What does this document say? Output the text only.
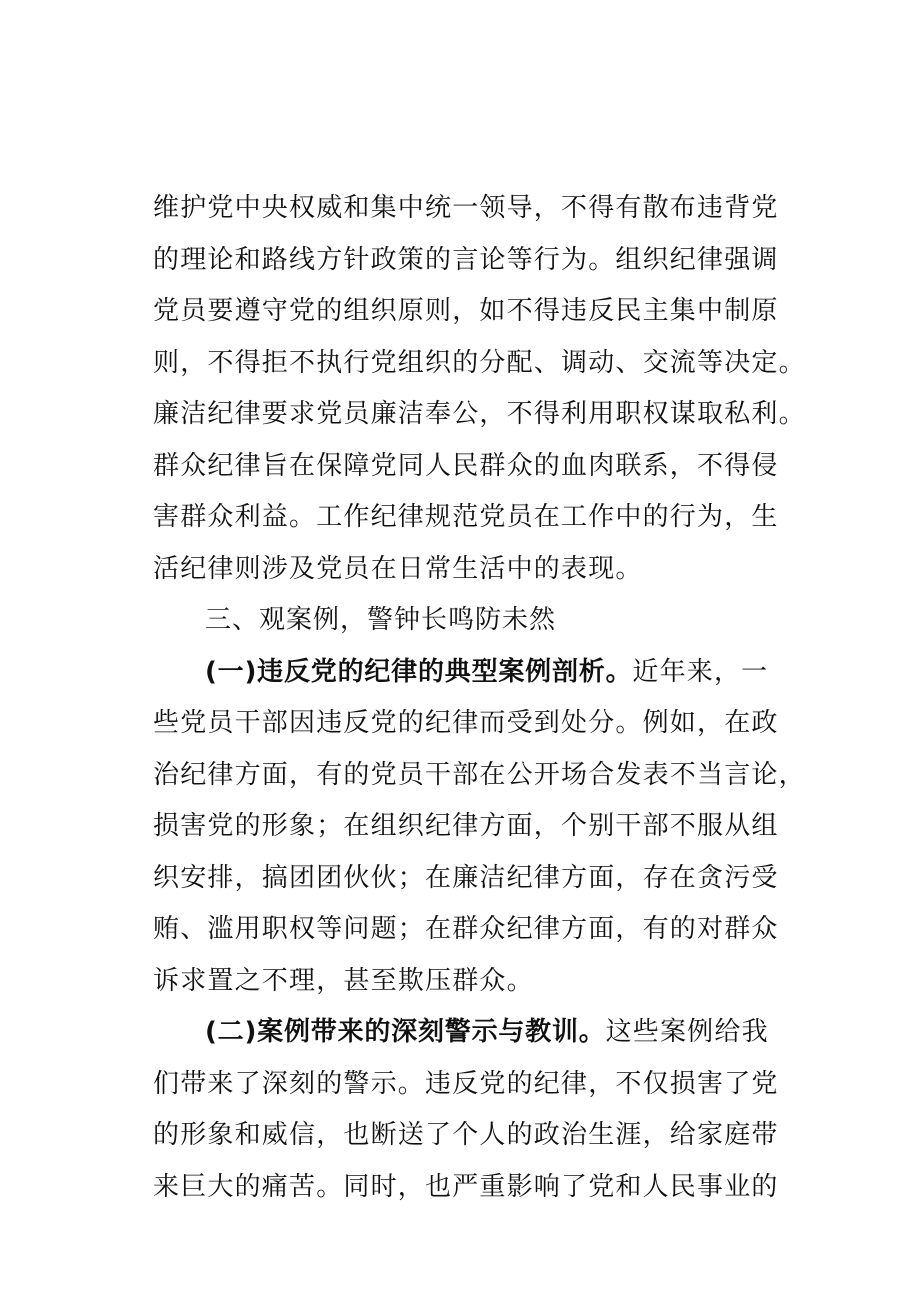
维护党中央权威和集中统一领导，不得有散布违背党
的理论和路线方针政策的言论等行为。组织纪律强调
党员要遵守党的组织原则，如不得违反民主集中制原
则，不得拒不执行党组织的分配、调动、交流等决定。
廉洁纪律要求党员廉洁奉公，不得利用职权谋取私利。
群众纪律旨在保障党同人民群众的血肉联系，不得侵
害群众利益。工作纪律规范党员在工作中的行为，生
活纪律则涉及党员在日常生活中的表现。
三、观案例，警钟长鸣防未然
(一)违反党的纪律的典型案例剖析。近年来，一
些党员干部因违反党的纪律而受到处分。例如，在政
治纪律方面，有的党员干部在公开场合发表不当言论，
损害党的形象；在组织纪律方面，个别干部不服从组
织安排，搞团团伙伙；在廉洁纪律方面，存在贪污受
贿、滥用职权等问题；在群众纪律方面，有的对群众
诉求置之不理，甚至欺压群众。
(二)案例带来的深刻警示与教训。这些案例给我
们带来了深刻的警示。违反党的纪律，不仅损害了党
的形象和威信，也断送了个人的政治生涯，给家庭带
来巨大的痛苦。同时，也严重影响了党和人民事业的
